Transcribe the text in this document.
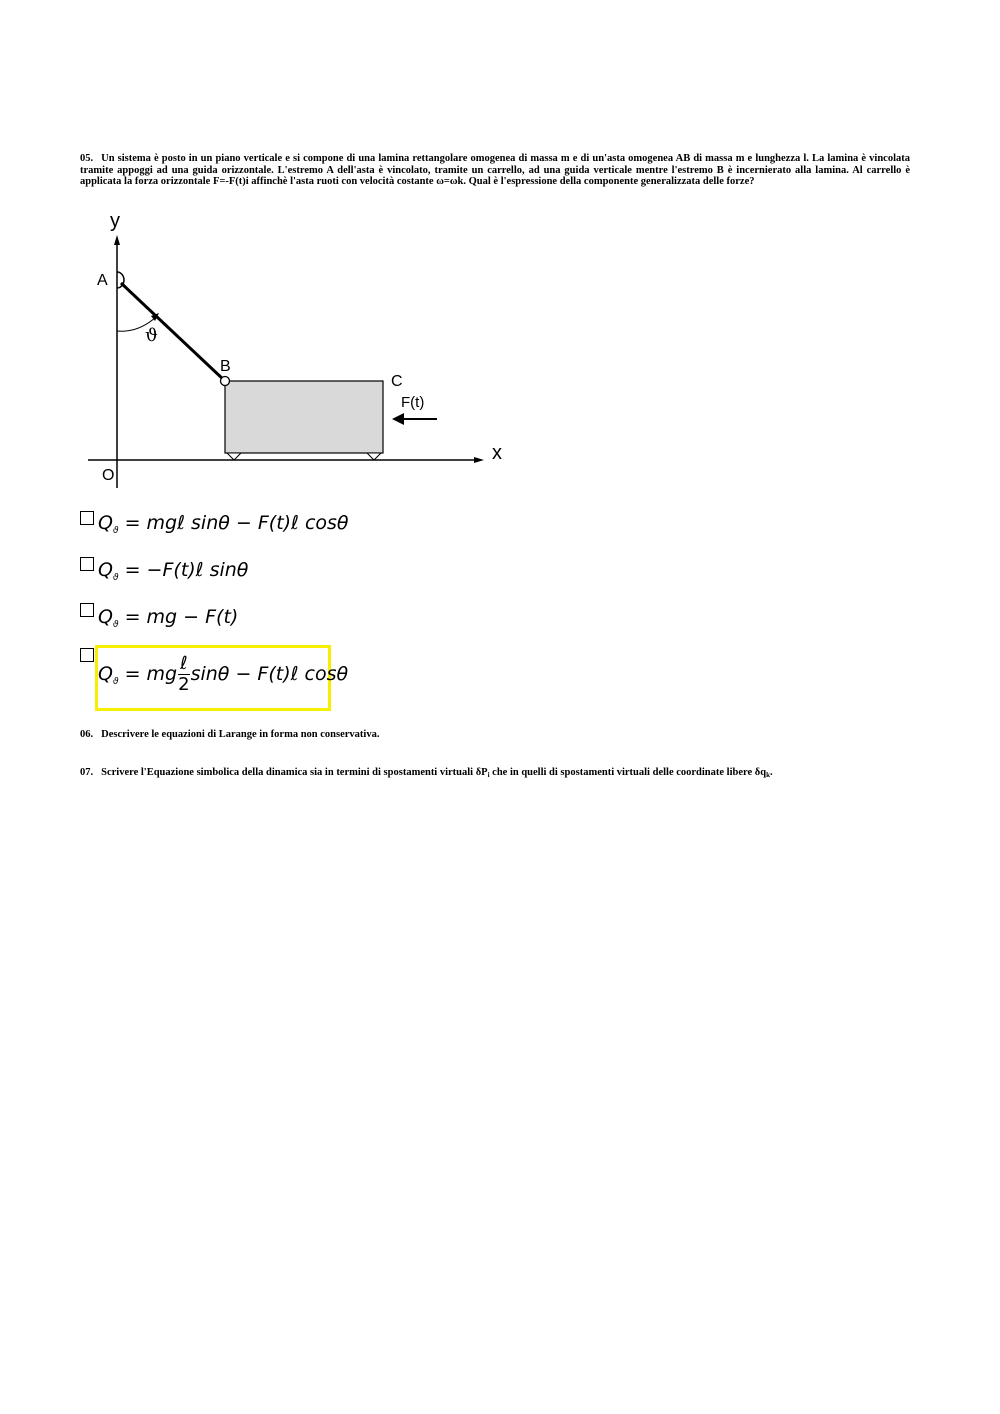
05. Un sistema è posto in un piano verticale e si compone di una lamina rettangolare omogenea di massa m e di un'asta omogenea AB di massa m e lunghezza l. La lamina è vincolata tramite appoggi ad una guida orizzontale. L'estremo A dell'asta è vincolato, tramite un carrello, ad una guida verticale mentre l'estremo B è incernierato alla lamina. Al carrello è applicata la forza orizzontale F=-F(t)i affinchè l'asta ruoti con velocità costante ω=ωk. Qual è l'espressione della componente generalizzata delle forze?
y
x
O
A
ϑ
B
C
F(t)
$Q_ϑ$ = mgℓ sinθ − F(t)ℓ cosθ
$Q_ϑ$ = −F(t)ℓ sinθ
$Q_ϑ$ = mg − F(t)
$Q_ϑ$ = mg $\frac{\text{ℓ}}{2}$ sinθ − F(t)ℓ cosθ
06. Descrivere le equazioni di Larange in forma non conservativa.
07. Scrivere l'Equazione simbolica della dinamica sia in termini di spostamenti virtuali $\delta P_i$ che in quelli di spostamenti virtuali delle coordinate libere $\delta q_k$.
